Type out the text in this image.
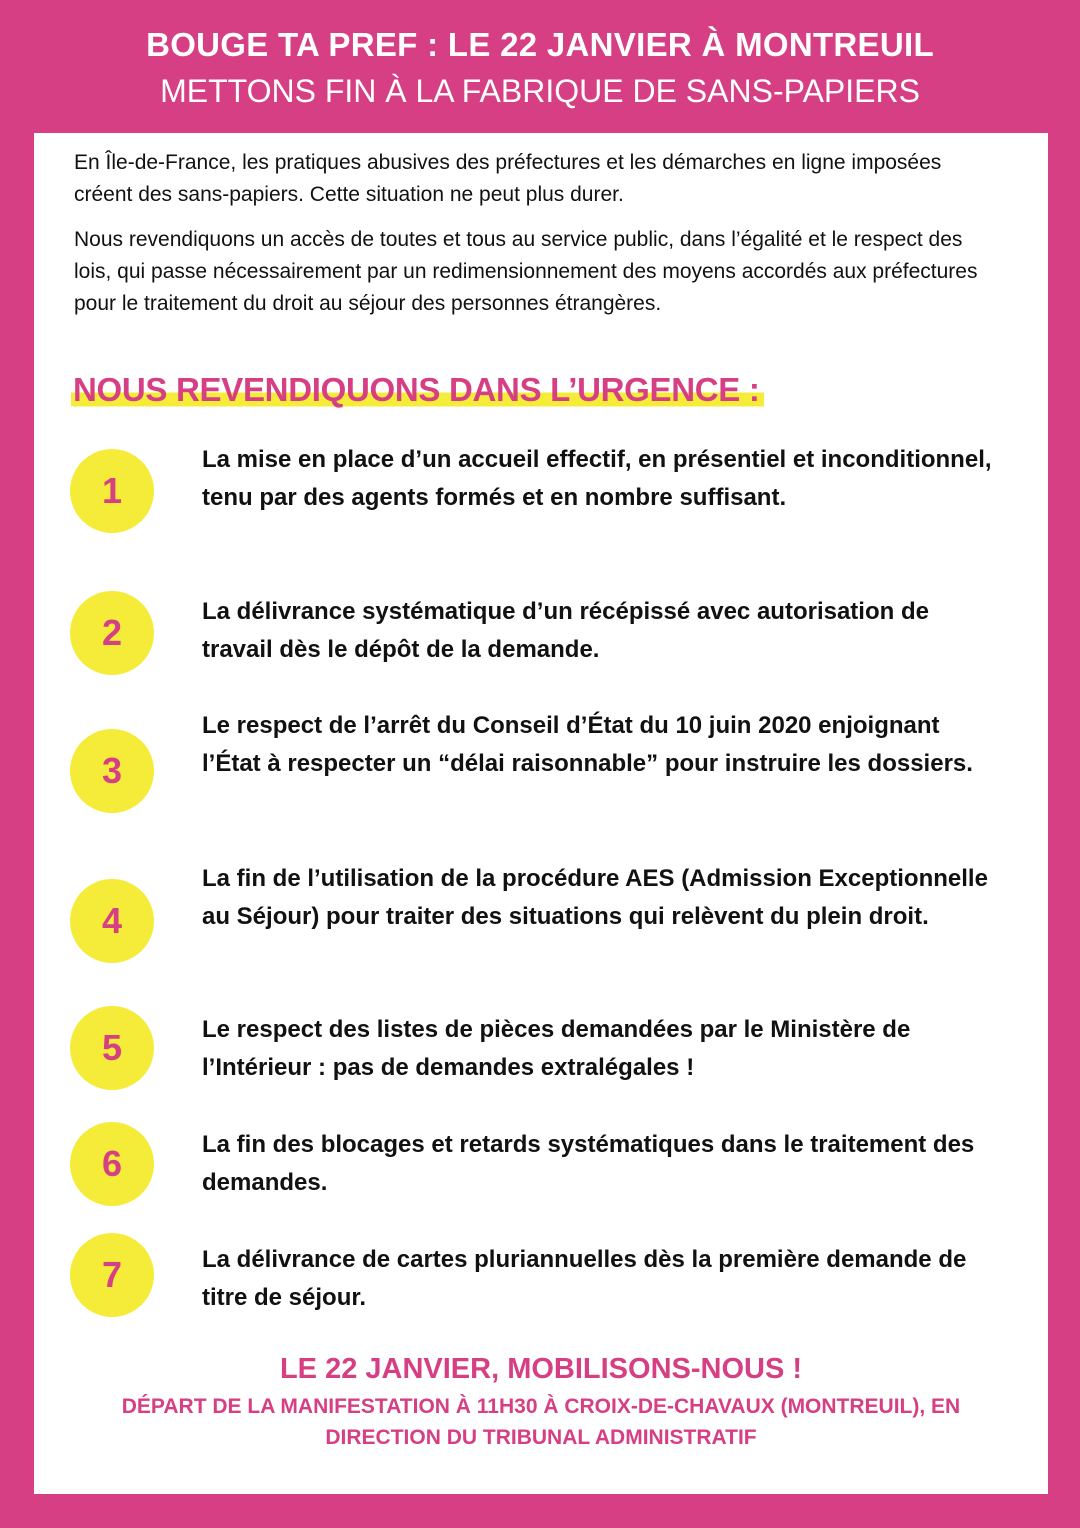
BOUGE TA PREF : LE 22 JANVIER À MONTREUIL
METTONS FIN À LA FABRIQUE DE SANS-PAPIERS

En Île-de-France, les pratiques abusives des préfectures et les démarches en ligne imposées créent des sans-papiers. Cette situation ne peut plus durer.

Nous revendiquons un accès de toutes et tous au service public, dans l’égalité et le respect des lois, qui passe nécessairement par un redimensionnement des moyens accordés aux préfectures pour le traitement du droit au séjour des personnes étrangères.

NOUS REVENDIQUONS DANS L’URGENCE :
1
La mise en place d’un accueil effectif, en présentiel et inconditionnel, tenu par des agents formés et en nombre suffisant.
2
La délivrance systématique d’un récépissé avec autorisation de travail dès le dépôt de la demande.
3
Le respect de l’arrêt du Conseil d’État du 10 juin 2020 enjoignant l’État à respecter un “délai raisonnable” pour instruire les dossiers.
4
La fin de l’utilisation de la procédure AES (Admission Exceptionnelle au Séjour) pour traiter des situations qui relèvent du plein droit.
5	Le respect des listes de pièces demandées par le Ministère de l’Intérieur : pas de demandes extralégales !
6	La fin des blocages et retards systématiques dans le traitement des demandes.
7	La délivrance de cartes pluriannuelles dès la première demande de titre de séjour.
LE 22 JANVIER, MOBILISONS-NOUS !
DÉPART DE LA MANIFESTATION À 11H30 À CROIX-DE-CHAVAUX (MONTREUIL), EN DIRECTION DU TRIBUNAL ADMINISTRATIF
